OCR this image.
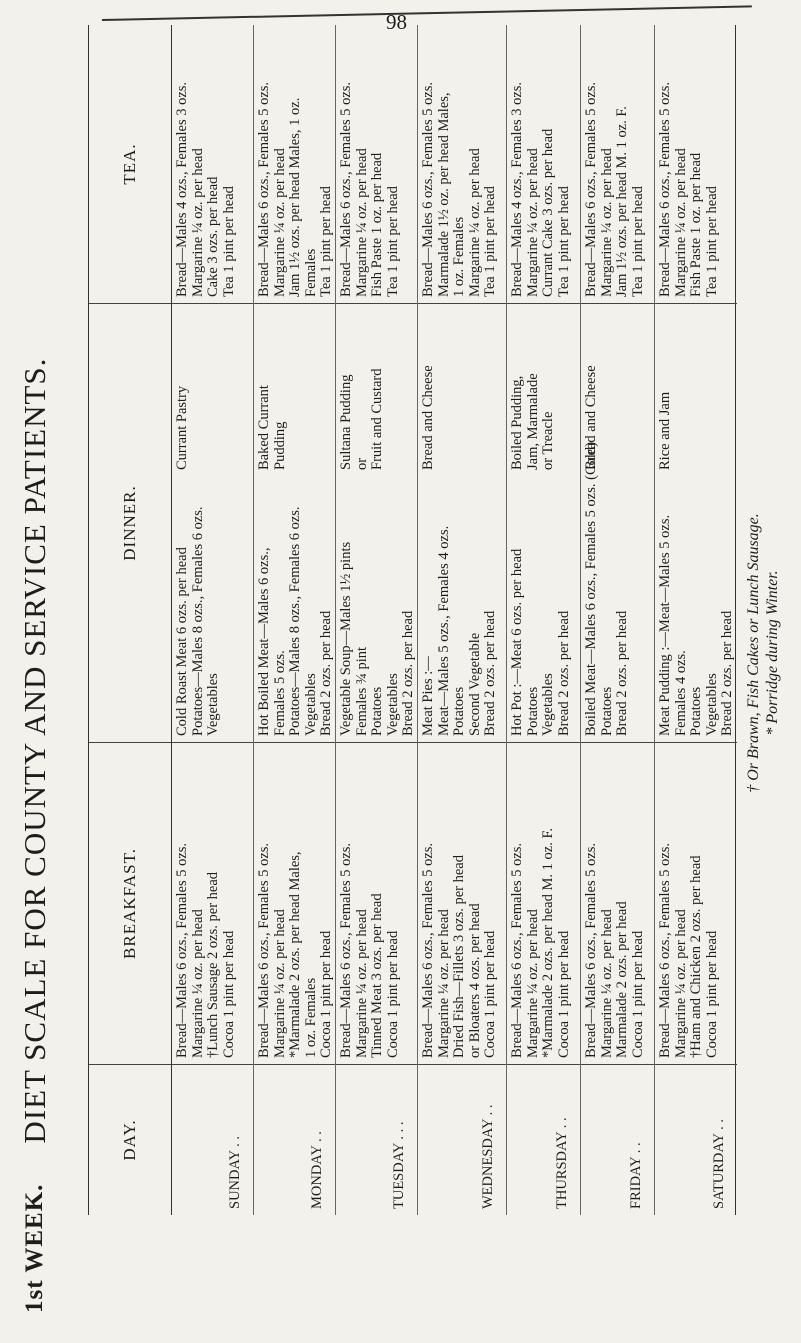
98
1st WEEK.
DIET SCALE FOR COUNTY AND SERVICE PATIENTS.	DAY.
BREAKFAST.
DINNER.
TEA.
SUNDAY . .
Bread—Males 6 ozs., Females 5 ozs. Margarine ¼ oz. per head †Lunch Sausage 2 ozs. per head Cocoa 1 pint per head
Cold Roast Meat 6 ozs. per head Potatoes—Males 8 ozs., Females 6 ozs. Vegetables
Currant Pastry
Bread—Males 4 ozs., Females 3 ozs. Margarine ¼ oz. per head Cake 3 ozs. per head Tea 1 pint per head
MONDAY . .
Bread—Males 6 ozs., Females 5 ozs. Margarine ¼ oz. per head *Marmalade 2 ozs. per head Males, 1 oz. Females Cocoa 1 pint per head
Hot Boiled Meat—Males 6 ozs., Females 5 ozs. Potatoes—Males 8 ozs., Females 6 ozs. Vegetables Bread 2 ozs. per head
Baked Currant Pudding
Bread—Males 6 ozs., Females 5 ozs. Margarine ¼ oz. per head Jam 1½ ozs. per head Males, 1 oz. Females Tea 1 pint per head
TUESDAY . . .
Bread—Males 6 ozs., Females 5 ozs. Margarine ¼ oz. per head Tinned Meat 3 ozs. per head Cocoa 1 pint per head
Vegetable Soup—Males 1½ pints Females ¾ pint Potatoes Vegetables Bread 2 ozs. per head
Sultana Pudding or Fruit and Custard
Bread—Males 6 ozs., Females 5 ozs. Margarine ¼ oz. per head Fish Paste 1 oz. per head Tea 1 pint per head
WEDNESDAY . .
Bread—Males 6 ozs., Females 5 ozs. Margarine ¼ oz. per head Dried Fish—Fillets 3 ozs. per head or Bloaters 4 ozs. per head Cocoa 1 pint per head
Meat Pies :— Meat—Males 5 ozs., Females 4 ozs. Potatoes Second Vegetable Bread 2 ozs. per head
Bread and Cheese
Bread—Males 6 ozs., Females 5 ozs. Marmalade 1½ oz. per head Males, 1 oz. Females Margarine ¼ oz. per head Tea 1 pint per head
THURSDAY . .
Bread—Males 6 ozs., Females 5 ozs. Margarine ¼ oz. per head *Marmalade 2 ozs. per head M. 1 oz. F. Cocoa 1 pint per head
Hot Pot :—Meat 6 ozs. per head Potatoes Vegetables Bread 2 ozs. per head
Boiled Pudding, Jam, Marmalade or Treacle
Bread—Males 4 ozs., Females 3 ozs. Margarine ¼ oz. per head Currant Cake 3 ozs. per head Tea 1 pint per head
FRIDAY . .
Bread—Males 6 ozs., Females 5 ozs. Margarine ¼ oz. per head Marmalade 2 ozs. per head Cocoa 1 pint per head
Boiled Meat—Males 6 ozs., Females 5 ozs. (Cold) Potatoes Bread 2 ozs. per head
Bread and Cheese
Bread—Males 6 ozs., Females 5 ozs. Margarine ¼ oz. per head Jam 1½ ozs. per head M. 1 oz. F. Tea 1 pint per head
SATURDAY . .
Bread—Males 6 ozs., Females 5 ozs. Margarine ¼ oz. per head †Ham and Chicken 2 ozs. per head Cocoa 1 pint per head
Meat Pudding :—Meat—Males 5 ozs. Females 4 ozs. Potatoes Vegetables Bread 2 ozs. per head
Rice and Jam
Bread—Males 6 ozs., Females 5 ozs. Margarine ¼ oz. per head Fish Paste 1 oz. per head Tea 1 pint per head
† Or Brawn, Fish Cakes or Lunch Sausage. * Porridge during Winter.
